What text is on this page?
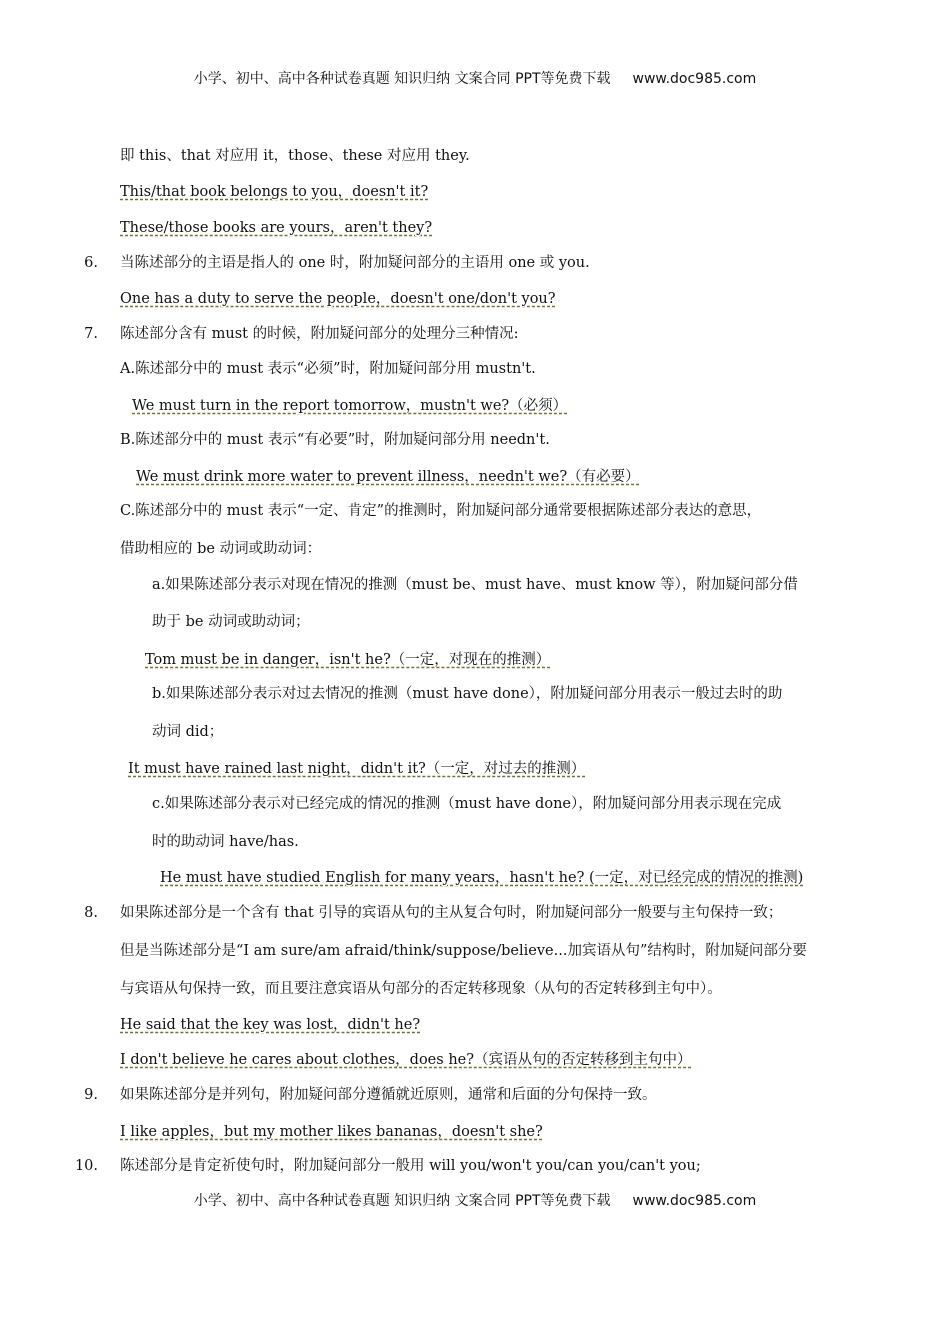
小学、初中、高中各种试卷真题 知识归纳 文案合同 PPT等免费下载 www.doc985.com
即 this、that 对应用 it，those、these 对应用 they.
This/that book belongs to you，doesn't it?
These/those books are yours，aren't they?
6. 当陈述部分的主语是指人的 one 时，附加疑问部分的主语用 one 或 you.
One has a duty to serve the people，doesn't one/don't you?
7. 陈述部分含有 must 的时候，附加疑问部分的处理分三种情况:
A.陈述部分中的 must 表示“必须”时，附加疑问部分用 mustn't.
We must turn in the report tomorrow，mustn't we?（必须）
B.陈述部分中的 must 表示“有必要”时，附加疑问部分用 needn't.
We must drink more water to prevent illness，needn't we?（有必要）
C.陈述部分中的 must 表示“一定、肯定”的推测时，附加疑问部分通常要根据陈述部分表达的意思，
借助相应的 be 动词或助动词：
a.如果陈述部分表示对现在情况的推测（must be、must have、must know 等），附加疑问部分借
助于 be 动词或助动词；
Tom must be in danger，isn't he?（一定，对现在的推测）
b.如果陈述部分表示对过去情况的推测（must have done），附加疑问部分用表示一般过去时的助
动词 did；
It must have rained last night，didn't it?（一定，对过去的推测）
c.如果陈述部分表示对已经完成的情况的推测（must have done），附加疑问部分用表示现在完成
时的助动词 have/has.
He must have studied English for many years，hasn't he? (一定，对已经完成的情况的推测)
8. 如果陈述部分是一个含有 that 引导的宾语从句的主从复合句时，附加疑问部分一般要与主句保持一致；
但是当陈述部分是“I am sure/am afraid/think/suppose/believe...加宾语从句”结构时，附加疑问部分要
与宾语从句保持一致，而且要注意宾语从句部分的否定转移现象（从句的否定转移到主句中）。
He said that the key was lost，didn't he?
I don't believe he cares about clothes，does he?（宾语从句的否定转移到主句中）
9. 如果陈述部分是并列句，附加疑问部分遵循就近原则，通常和后面的分句保持一致。
I like apples，but my mother likes bananas，doesn't she?
10. 陈述部分是肯定祈使句时，附加疑问部分一般用 will you/won't you/can you/can't you;
小学、初中、高中各种试卷真题 知识归纳 文案合同 PPT等免费下载 www.doc985.com
